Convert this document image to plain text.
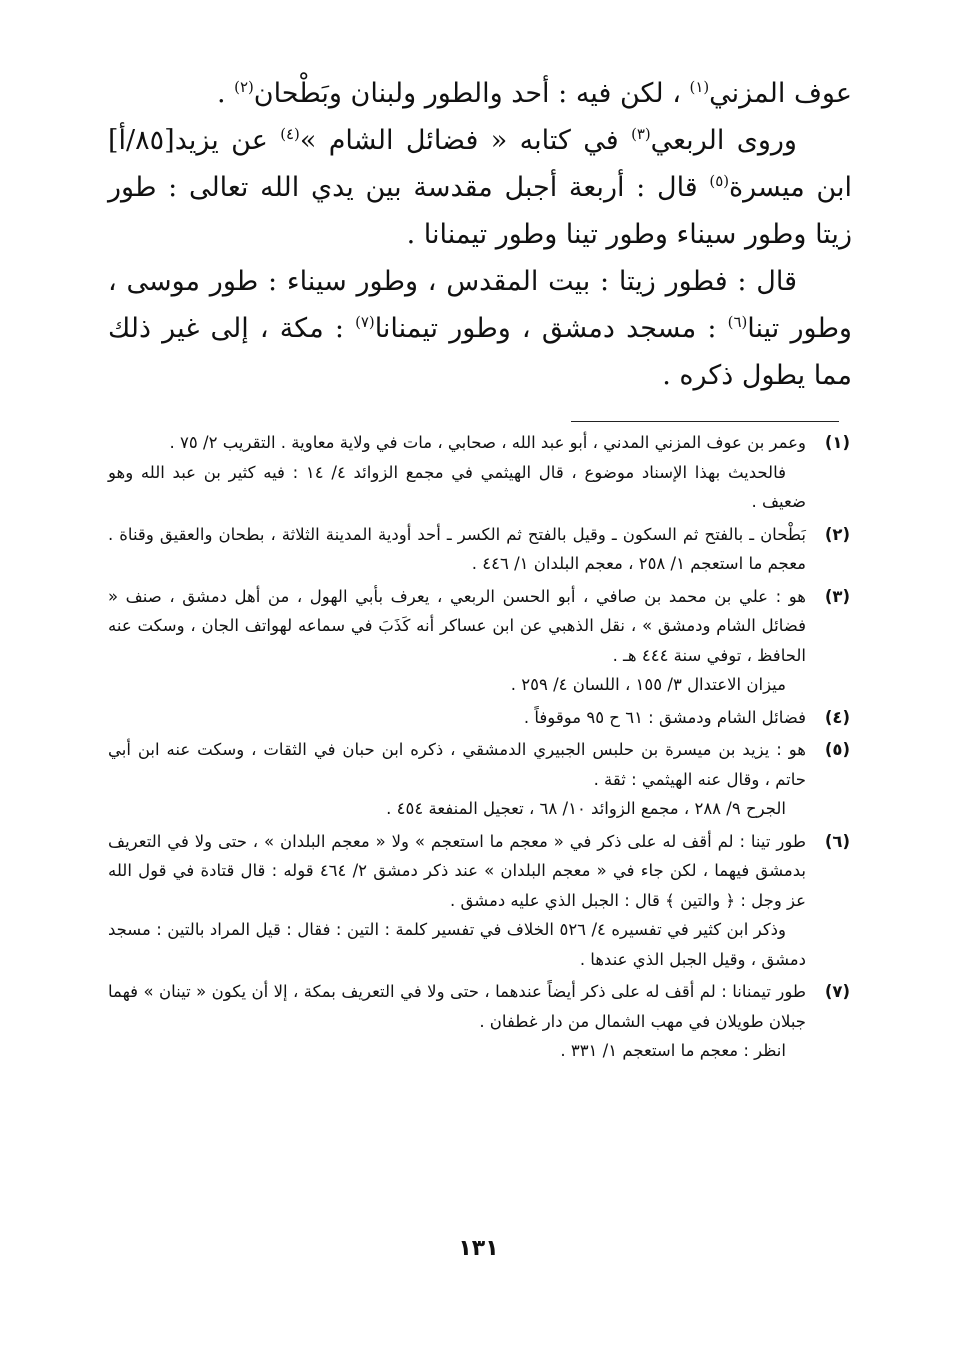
عوف المزني$^{(١)}$ ، لكن فيه : أحد والطور ولبنان وبَطْحان$^{(٢)}$ .

وروى الربعي$^{(٣)}$ في كتابه « فضائل الشام »$^{(٤)}$ عن يزيد[٨٥/أ] ابن ميسرة$^{(٥)}$ قال : أربعة أجبل مقدسة بين يدي الله تعالى : طور زيتا وطور سيناء وطور تينا وطور تيمنانا .

قال : فطور زيتا : بيت المقدس ، وطور سيناء : طور موسى ، وطور تينا$^{(٦)}$ : مسجد دمشق ، وطور تيمنانا$^{(٧)}$ : مكة ، إلى غير ذلك مما يطول ذكره .

(١)

وعمر بن عوف المزني المدني ، أبو عبد الله ، صحابي ، مات في ولاية معاوية . التقريب ٢/ ٧٥ .

فالحديث بهذا الإسناد موضوع ، قال الهيثمي في مجمع الزوائد ٤/ ١٤ : فيه كثير بن عبد الله وهو ضعيف .

(٢)

بَطْحان ـ بالفتح ثم السكون ـ وقيل بالفتح ثم الكسر ـ أحد أودية المدينة الثلاثة ، بطحان والعقيق وقناة . معجم ما استعجم ١/ ٢٥٨ ، معجم البلدان ١/ ٤٤٦ .

(٣)

هو : علي بن محمد بن صافي ، أبو الحسن الربعي ، يعرف بأبي الهول ، من أهل دمشق ، صنف « فضائل الشام ودمشق » ، نقل الذهبي عن ابن عساكر أنه كَذَبَ في سماعه لهواتف الجان ، وسكت عنه الحافظ ، توفي سنة ٤٤٤ هـ .

ميزان الاعتدال ٣/ ١٥٥ ، اللسان ٤/ ٢٥٩ .

(٤)

فضائل الشام ودمشق : ٦١ ح ٩٥ موقوفاً .

(٥)

هو : يزيد بن ميسرة بن حلبس الجبيري الدمشقي ، ذكره ابن حبان في الثقات ، وسكت عنه ابن أبي حاتم ، وقال عنه الهيثمي : ثقة .

الجرح ٩/ ٢٨٨ ، مجمع الزوائد ١٠/ ٦٨ ، تعجيل المنفعة ٤٥٤ .

(٦)

طور تينا : لم أقف له على ذكر في « معجم ما استعجم » ولا « معجم البلدان » ، حتى ولا في التعريف بدمشق فيهما ، لكن جاء في « معجم البلدان » عند ذكر دمشق ٢/ ٤٦٤ قوله : قال قتادة في قول الله عز وجل : ﴿ والتين ﴾ قال : الجبل الذي عليه دمشق .

وذكر ابن كثير في تفسيره ٤/ ٥٢٦ الخلاف في تفسير كلمة : التين : فقال : قيل المراد بالتين : مسجد دمشق ، وقيل الجبل الذي عندها .

(٧)

طور تيمنانا : لم أقف له على ذكر أيضاً عندهما ، حتى ولا في التعريف بمكة ، إلا أن يكون « تينان » فهما جبلان طويلان في مهب الشمال من دار غطفان .

انظر : معجم ما استعجم ١/ ٣٣١ .

١٣١
